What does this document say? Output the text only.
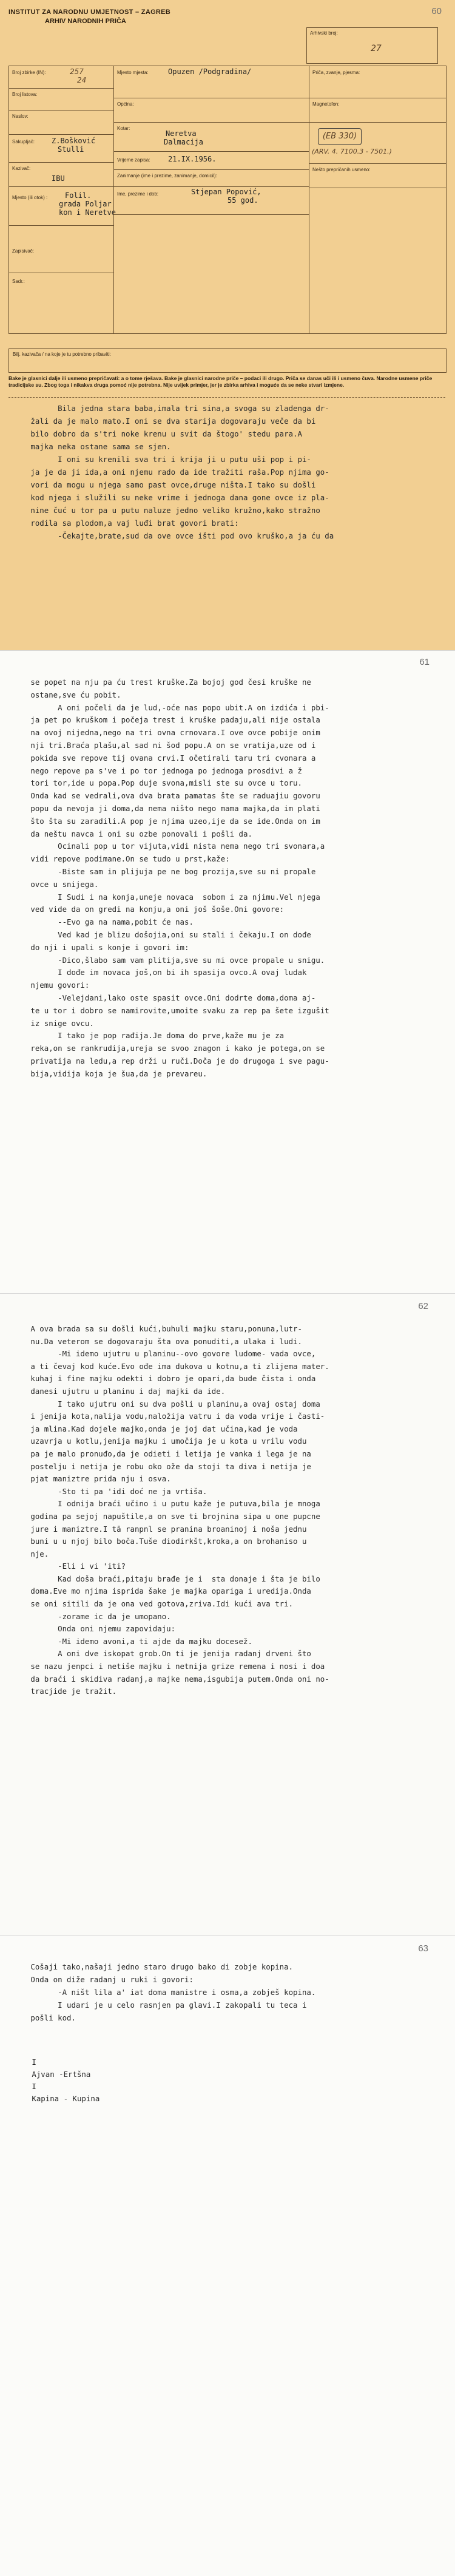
60
INSTITUT ZA NARODNU UMJETNOST – ZAGREB
ARHIV NARODNIH PRIČA
Arhivski broj:
27
Broj zbirke (IN):	257
24
Broj listova:
Naslov:
Sakupljač: Z.Bošković
Stulli
Kazivač:
IBU
Mjesto (ili otok) : Folil.
grada Poljar
kon i Neretve
Zapisivač:
Sadr.:
Mjesto mjesta:	Opuzen /Podgradina/
Općina:
Kotar:
Neretva
Dalmacija
Vrijeme zapisa: 21.IX.1956.
Zanimanje (ime i prezime, zanimanje, domicil):
Ime, prezime i dob:	Stjepan Popović,
55 god.
Priča, zvanje, pjesma:
Magnetofon:
(EB 330)
(ARV. 4. 7100.3 - 7501.)
Nešto prepričanih usmeno:
Bilj. kazivača / na koje je tu potrebno pribaviti:
Bake je glasnici dalje ili usmeno prepričavati: a o tome rješava. Bake je glasnici narodne priče – podaci ili drugo. Priča se danas uči ili i usmeno čuva. Narodne usmene priče tradicijske su. Zbog toga i nikakva druga pomoć nije potrebna. Nije uvijek primjer, jer je zbirka arhiva i moguće da se neke stvari izmjene.
Bila jedna stara baba,imala tri sina,a svoga su zladenga dr-
žali da je malo mato.I oni se dva starija dogovaraju veče da bi
bilo dobro da s'tri noke krenu u svit da štogo' stedu para.A
majka neka ostane sama se sjen.
I oni su krenili sva tri i krija ji u putu uši pop i pi-
ja je da ji ida,a oni njemu rado da ide tražiti raša.Pop njima go-
vori da mogu u njega samo past ovce,druge ništa.I tako su došli
kod njega i služili su neke vrime i jednoga dana gone ovce iz pla-
nine čuć u tor pa u putu naluze jedno veliko kružno,kako stražno
rodila sa plodom,a vaj luđi brat govori brati:
-Čekajte,brate,sud da ove ovce išti pod ovo kruško,a ja ću da
61
se popet na nju pa ću trest kruške.Za bojoj god česi kruške ne
ostane,sve ću pobit.
A oni počeli da je lud,-oće nas popo ubit.A on izdića i pbi-
ja pet po kruškom i počeja trest i kruške padaju,ali nije ostala
na ovoj nijedna,nego na tri ovna crnovara.I ove ovce pobije onim
nji tri.Braća plašu,al sad ni šod popu.A on se vratija,uze od i
pokida sve repove tij ovana crvi.I očetirali taru tri cvonara a
nego repove pa s've i po tor jednoga po jednoga prosdivi a ž
tori tor,ide u popa.Pop duje svona,misli ste su ovce u toru.
Onda kad se vedrali,ova dva brata pamatas šte se raduajiu govoru
popu da nevoja ji doma,da nema ništo nego mama majka,da im plati
što šta su zaradili.A pop je njima uzeo,ije da se ide.Onda on im
da neštu navca i oni su ozbe ponovali i pošli da.
Ocinali pop u tor vijuta,vidi nista nema nego tri svonara,a
vidi repove podimane.On se tudo u prst,kaže:
-Biste sam in plijuja pe ne bog prozija,sve su ni propale
ovce u snijega.
I Sudi i na konja,uneje novaca  sobom i za njimu.Vel njega
ved vide da on gredi na konju,a oni još šoše.Oni govore:
--Evo ga na nama,pobit će nas.
Ved kad je blizu došojia,oni su stali i čekaju.I on dođe
do nji i upali s konje i govori im:
-Dico,šlabo sam vam plitija,sve su mi ovce propale u snigu.
I dođe im novaca još,on bi ih spasija ovco.A ovaj ludak
njemu govori:
-Velejdani,lako oste spasit ovce.Oni dodrte doma,doma aj-
te u tor i dobro se namirovite,umoite svaku za rep pa šete izgušit
iz snige ovcu.
I tako je pop rađija.Je doma do prve,kaže mu je za
reka,on se rankrudija,ureja se svoo znagon i kako je potega,on se
privatija na ledu,a rep drži u ruči.Doča je do drugoga i sve pagu-
bija,vidija koja je šua,da je prevareu.
62
A ova brada sa su došli kući,buhuli majku staru,ponuna,lutr-
nu.Da veterom se dogovaraju šta ova ponuditi,a ulaka i ludi.
-Mi idemo ujutru u planinu--ovo govore ludome- vada ovce,
a ti čevaj kod kuće.Evo ođe ima dukova u kotnu,a ti zlijema mater.
kuhaj i fine majku odekti i dobro je opari,da bude čista i onda
danesi ujutru u planinu i daj majki da ide.
I tako ujutru oni su dva pošli u planinu,a ovaj ostaj doma
i jenija kota,nalija vodu,naložija vatru i da voda vrije i časti-
ja mlina.Kad dojele majko,onda je joj dat učina,kad je voda
uzavrja u kotlu,jenija majku i umočija je u kota u vrilu vodu
pa je malo pronuđo,da je odieti i letija je vanka i lega je na
postelju i netija je robu oko ože da stoji ta diva i netija je
pjat maniztre prida nju i osva.
-Sto ti pa 'idi doć ne ja vrtiša.
I odnija braći učino i u putu kaže je putuva,bila je mnoga
godina pa sejoj napuštile,a on sve ti brojnina sipa u one pupcne
jure i maniztre.I tā ranpnl se pranina broaninoj i noša jednu
buni u u njoj bilo boča.Tuše diodirkšt,kroka,a on brohaniso u
nje.
-Eli i vi 'iti?
Kad doša braći,pitaju brađe je i  sta donaje i šta je bilo
doma.Eve mo njima isprida šake je majka opariga i uredija.Onda
se oni sitili da je ona ved gotova,zriva.Idi kući ava tri.
-zorame ic da je umopano.
Onda oni njemu zapovidaju:
-Mi idemo avoni,a ti ajde da majku docesež.
A oni dve iskopat grob.On ti je jenija radanj drveni što
se nazu jenpci i netiše majku i netnija grize remena i nosi i doa
da braći i skidiva radanj,a majke nema,isgubija putem.Onda oni no-
tracjide je tražit.
63
Cošaji tako,našaji jedno staro drugo bako di zobje kopina.
Onda on diže radanj u ruki i govori:
-A ništ lila a' iat doma manistre i osma,a zobješ kopina.
I udari je u celo rasnjen pa glavi.I zakopali tu teca i
pošli kod.
I
Ajvan -Ertšna
I
Kapina - Kupina
